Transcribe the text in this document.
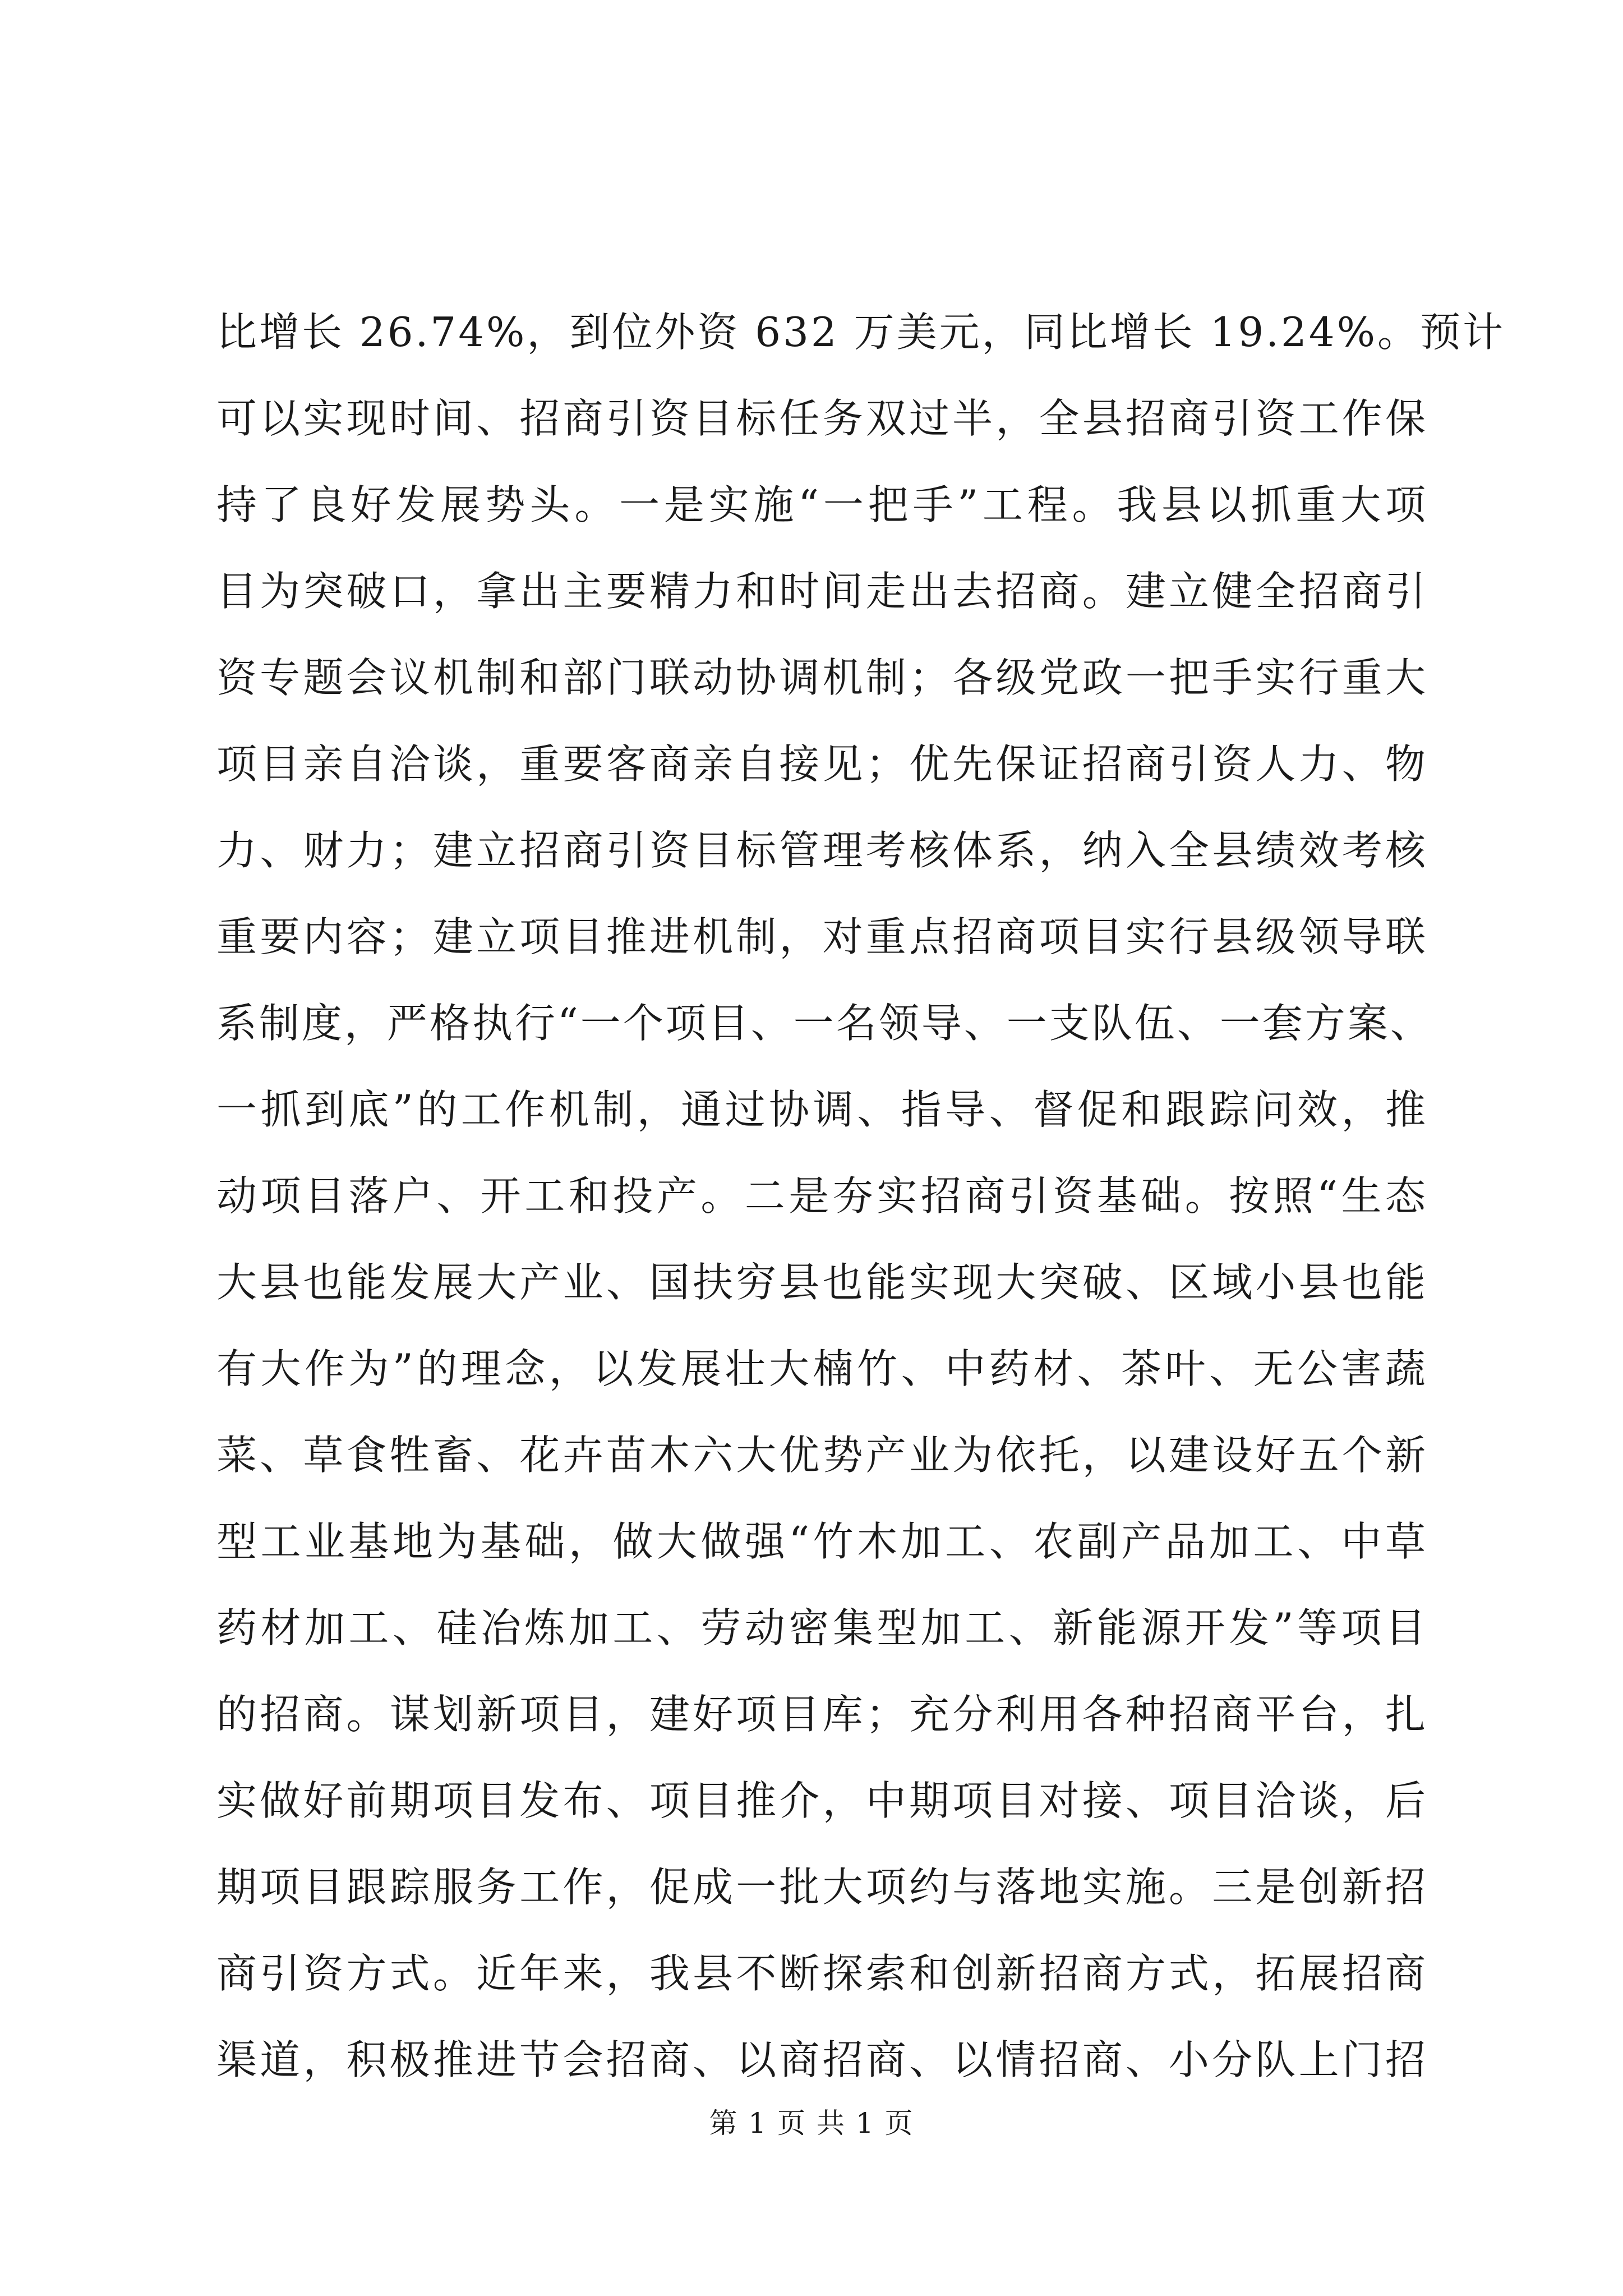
比增长 26.74%，到位外资 632 万美元，同比增长 19.24%。预计
可以实现时间、招商引资目标任务双过半，全县招商引资工作保
持了良好发展势头。一是实施“一把手”工程。我县以抓重大项
目为突破口，拿出主要精力和时间走出去招商。建立健全招商引
资专题会议机制和部门联动协调机制；各级党政一把手实行重大
项目亲自洽谈，重要客商亲自接见；优先保证招商引资人力、物
力、财力；建立招商引资目标管理考核体系，纳入全县绩效考核
重要内容；建立项目推进机制，对重点招商项目实行县级领导联
系制度，严格执行“一个项目、一名领导、一支队伍、一套方案、
一抓到底”的工作机制，通过协调、指导、督促和跟踪问效，推
动项目落户、开工和投产。二是夯实招商引资基础。按照“生态
大县也能发展大产业、国扶穷县也能实现大突破、区域小县也能
有大作为”的理念，以发展壮大楠竹、中药材、茶叶、无公害蔬
菜、草食牲畜、花卉苗木六大优势产业为依托，以建设好五个新
型工业基地为基础，做大做强“竹木加工、农副产品加工、中草
药材加工、硅冶炼加工、劳动密集型加工、新能源开发”等项目
的招商。谋划新项目，建好项目库；充分利用各种招商平台，扎
实做好前期项目发布、项目推介，中期项目对接、项目洽谈，后
期项目跟踪服务工作，促成一批大项约与落地实施。三是创新招
商引资方式。近年来，我县不断探索和创新招商方式，拓展招商
渠道，积极推进节会招商、以商招商、以情招商、小分队上门招
第 1 页 共 1 页
